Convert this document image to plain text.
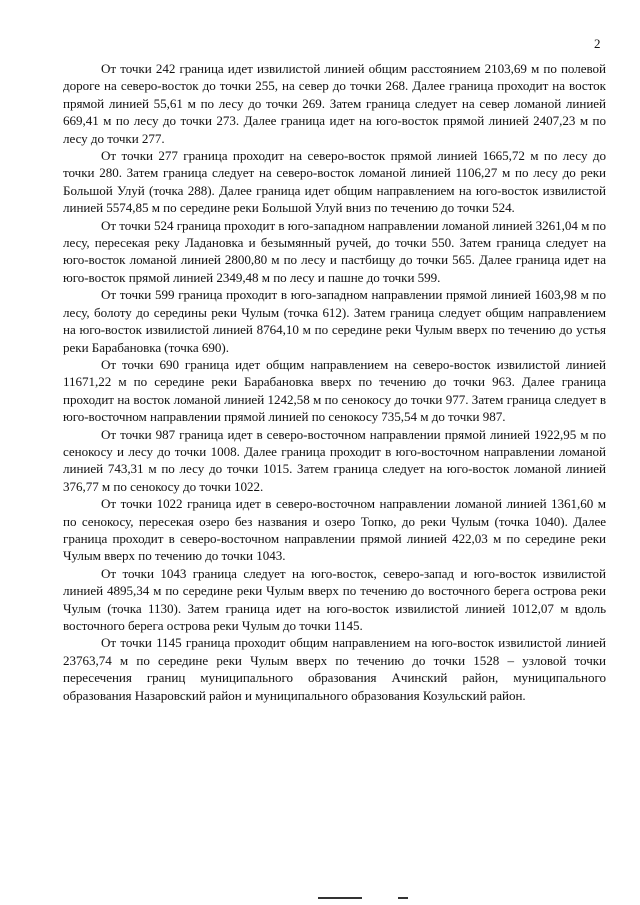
2

От точки 242 граница идет извилистой линией общим расстоянием 2103,69 м по полевой дороге на северо-восток до точки 255, на север до точки 268. Далее граница проходит на восток прямой линией 55,61 м по лесу до точки 269. Затем граница следует на север ломаной линией 669,41 м по лесу до точки 273. Далее граница идет на юго-восток прямой линией 2407,23 м по лесу до точки 277.

От точки 277 граница проходит на северо-восток прямой линией 1665,72 м по лесу до точки 280. Затем граница следует на северо-восток ломаной линией 1106,27 м по лесу до реки Большой Улуй (точка 288). Далее граница идет общим направлением на юго-восток извилистой линией 5574,85 м по середине реки Большой Улуй вниз по течению до точки 524.

От точки 524 граница проходит в юго-западном направлении ломаной линией 3261,04 м по лесу, пересекая реку Ладановка и безымянный ручей, до точки 550. Затем граница следует на юго-восток ломаной линией 2800,80 м по лесу и пастбищу до точки 565. Далее граница идет на юго-восток прямой линией 2349,48 м по лесу и пашне до точки 599.

От точки 599 граница проходит в юго-западном направлении прямой линией 1603,98 м по лесу, болоту до середины реки Чулым (точка 612). Затем граница следует общим направлением на юго-восток извилистой линией 8764,10 м по середине реки Чулым вверх по течению до устья реки Барабановка (точка 690).

От точки 690 граница идет общим направлением на северо-восток извилистой линией 11671,22 м по середине реки Барабановка вверх по течению до точки 963. Далее граница проходит на восток ломаной линией 1242,58 м по сенокосу до точки 977. Затем граница следует в юго-восточном направлении прямой линией по сенокосу 735,54 м до точки 987.

От точки 987 граница идет в северо-восточном направлении прямой линией 1922,95 м по сенокосу и лесу до точки 1008. Далее граница проходит в юго-восточном направлении ломаной линией 743,31 м по лесу до точки 1015. Затем граница следует на юго-восток ломаной линией 376,77 м по сенокосу до точки 1022.

От точки 1022 граница идет в северо-восточном направлении ломаной линией 1361,60 м по сенокосу, пересекая озеро без названия и озеро Топко, до реки Чулым (точка 1040). Далее граница проходит в северо-восточном направлении прямой линией 422,03 м по середине реки Чулым вверх по течению до точки 1043.

От точки 1043 граница следует на юго-восток, северо-запад и юго-восток извилистой линией 4895,34 м по середине реки Чулым вверх по течению до восточного берега острова реки Чулым (точка 1130). Затем граница идет на юго-восток извилистой линией 1012,07 м вдоль восточного берега острова реки Чулым до точки 1145.

От точки 1145 граница проходит общим направлением на юго-восток извилистой линией 23763,74 м по середине реки Чулым вверх по течению до точки 1528 – узловой точки пересечения границ муниципального образования Ачинский район, муниципального образования Назаровский район и муниципального образования Козульский район.
